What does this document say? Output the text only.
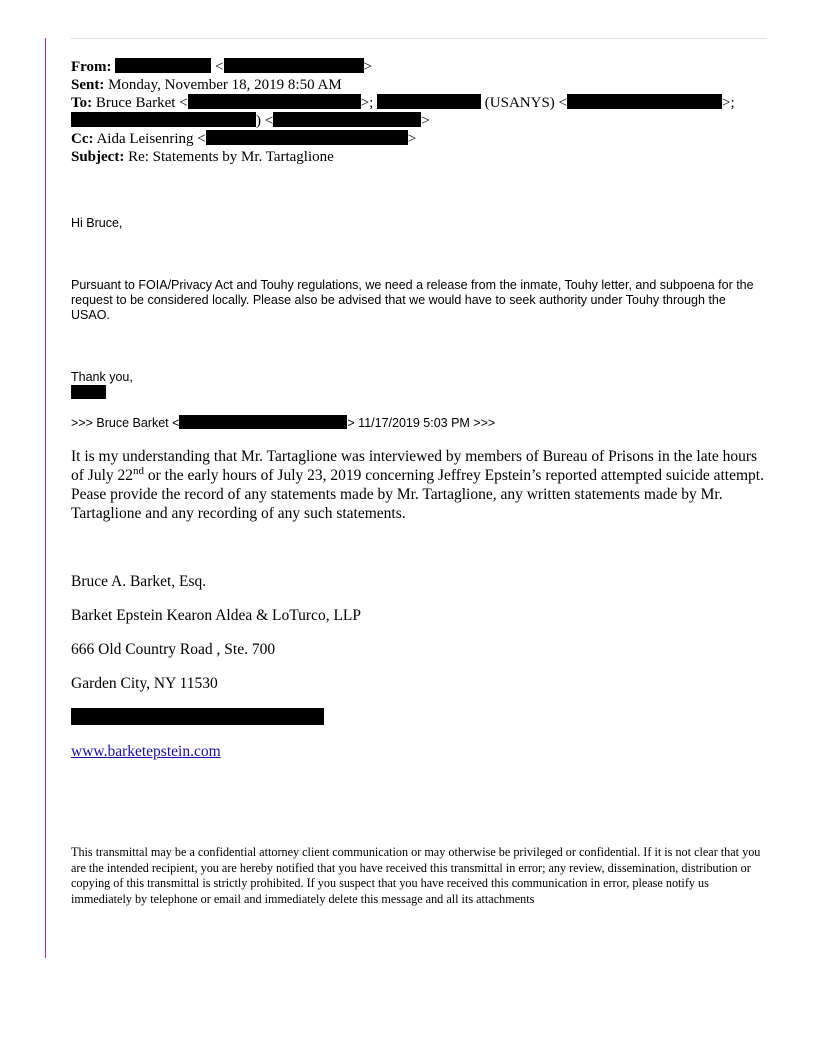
From:	<	>
Sent: Monday, November 18, 2019 8:50 AM
To: Bruce Barket <	>;	(USANYS) <	>;
) <	>
Cc: Aida Leisenring <	>
Subject: Re: Statements by Mr. Tartaglione
Hi Bruce,
Pursuant to FOIA/Privacy Act and Touhy regulations, we need a release from the inmate, Touhy letter, and subpoena for the request to be considered locally. Please also be advised that we would have to seek authority under Touhy through the USAO.
Thank you,
>>> Bruce Barket <	> 11/17/2019 5:03 PM >>>
It is my understanding that Mr. Tartaglione was interviewed by members of Bureau of Prisons in the late hours of July 22nd or the early hours of July 23, 2019 concerning Jeffrey Epstein’s reported attempted suicide attempt. Pease provide the record of any statements made by Mr. Tartaglione, any written statements made by Mr. Tartaglione and any recording of any such statements.
Bruce A. Barket, Esq.
Barket Epstein Kearon Aldea & LoTurco, LLP
666 Old Country Road , Ste. 700
Garden City, NY 11530
www.barketepstein.com
This transmittal may be a confidential attorney client communication or may otherwise be privileged or confidential. If it is not clear that you are the intended recipient, you are hereby notified that you have received this transmittal in error; any review, dissemination, distribution or copying of this transmittal is strictly prohibited. If you suspect that you have received this communication in error, please notify us immediately by telephone or email and immediately delete this message and all its attachments
